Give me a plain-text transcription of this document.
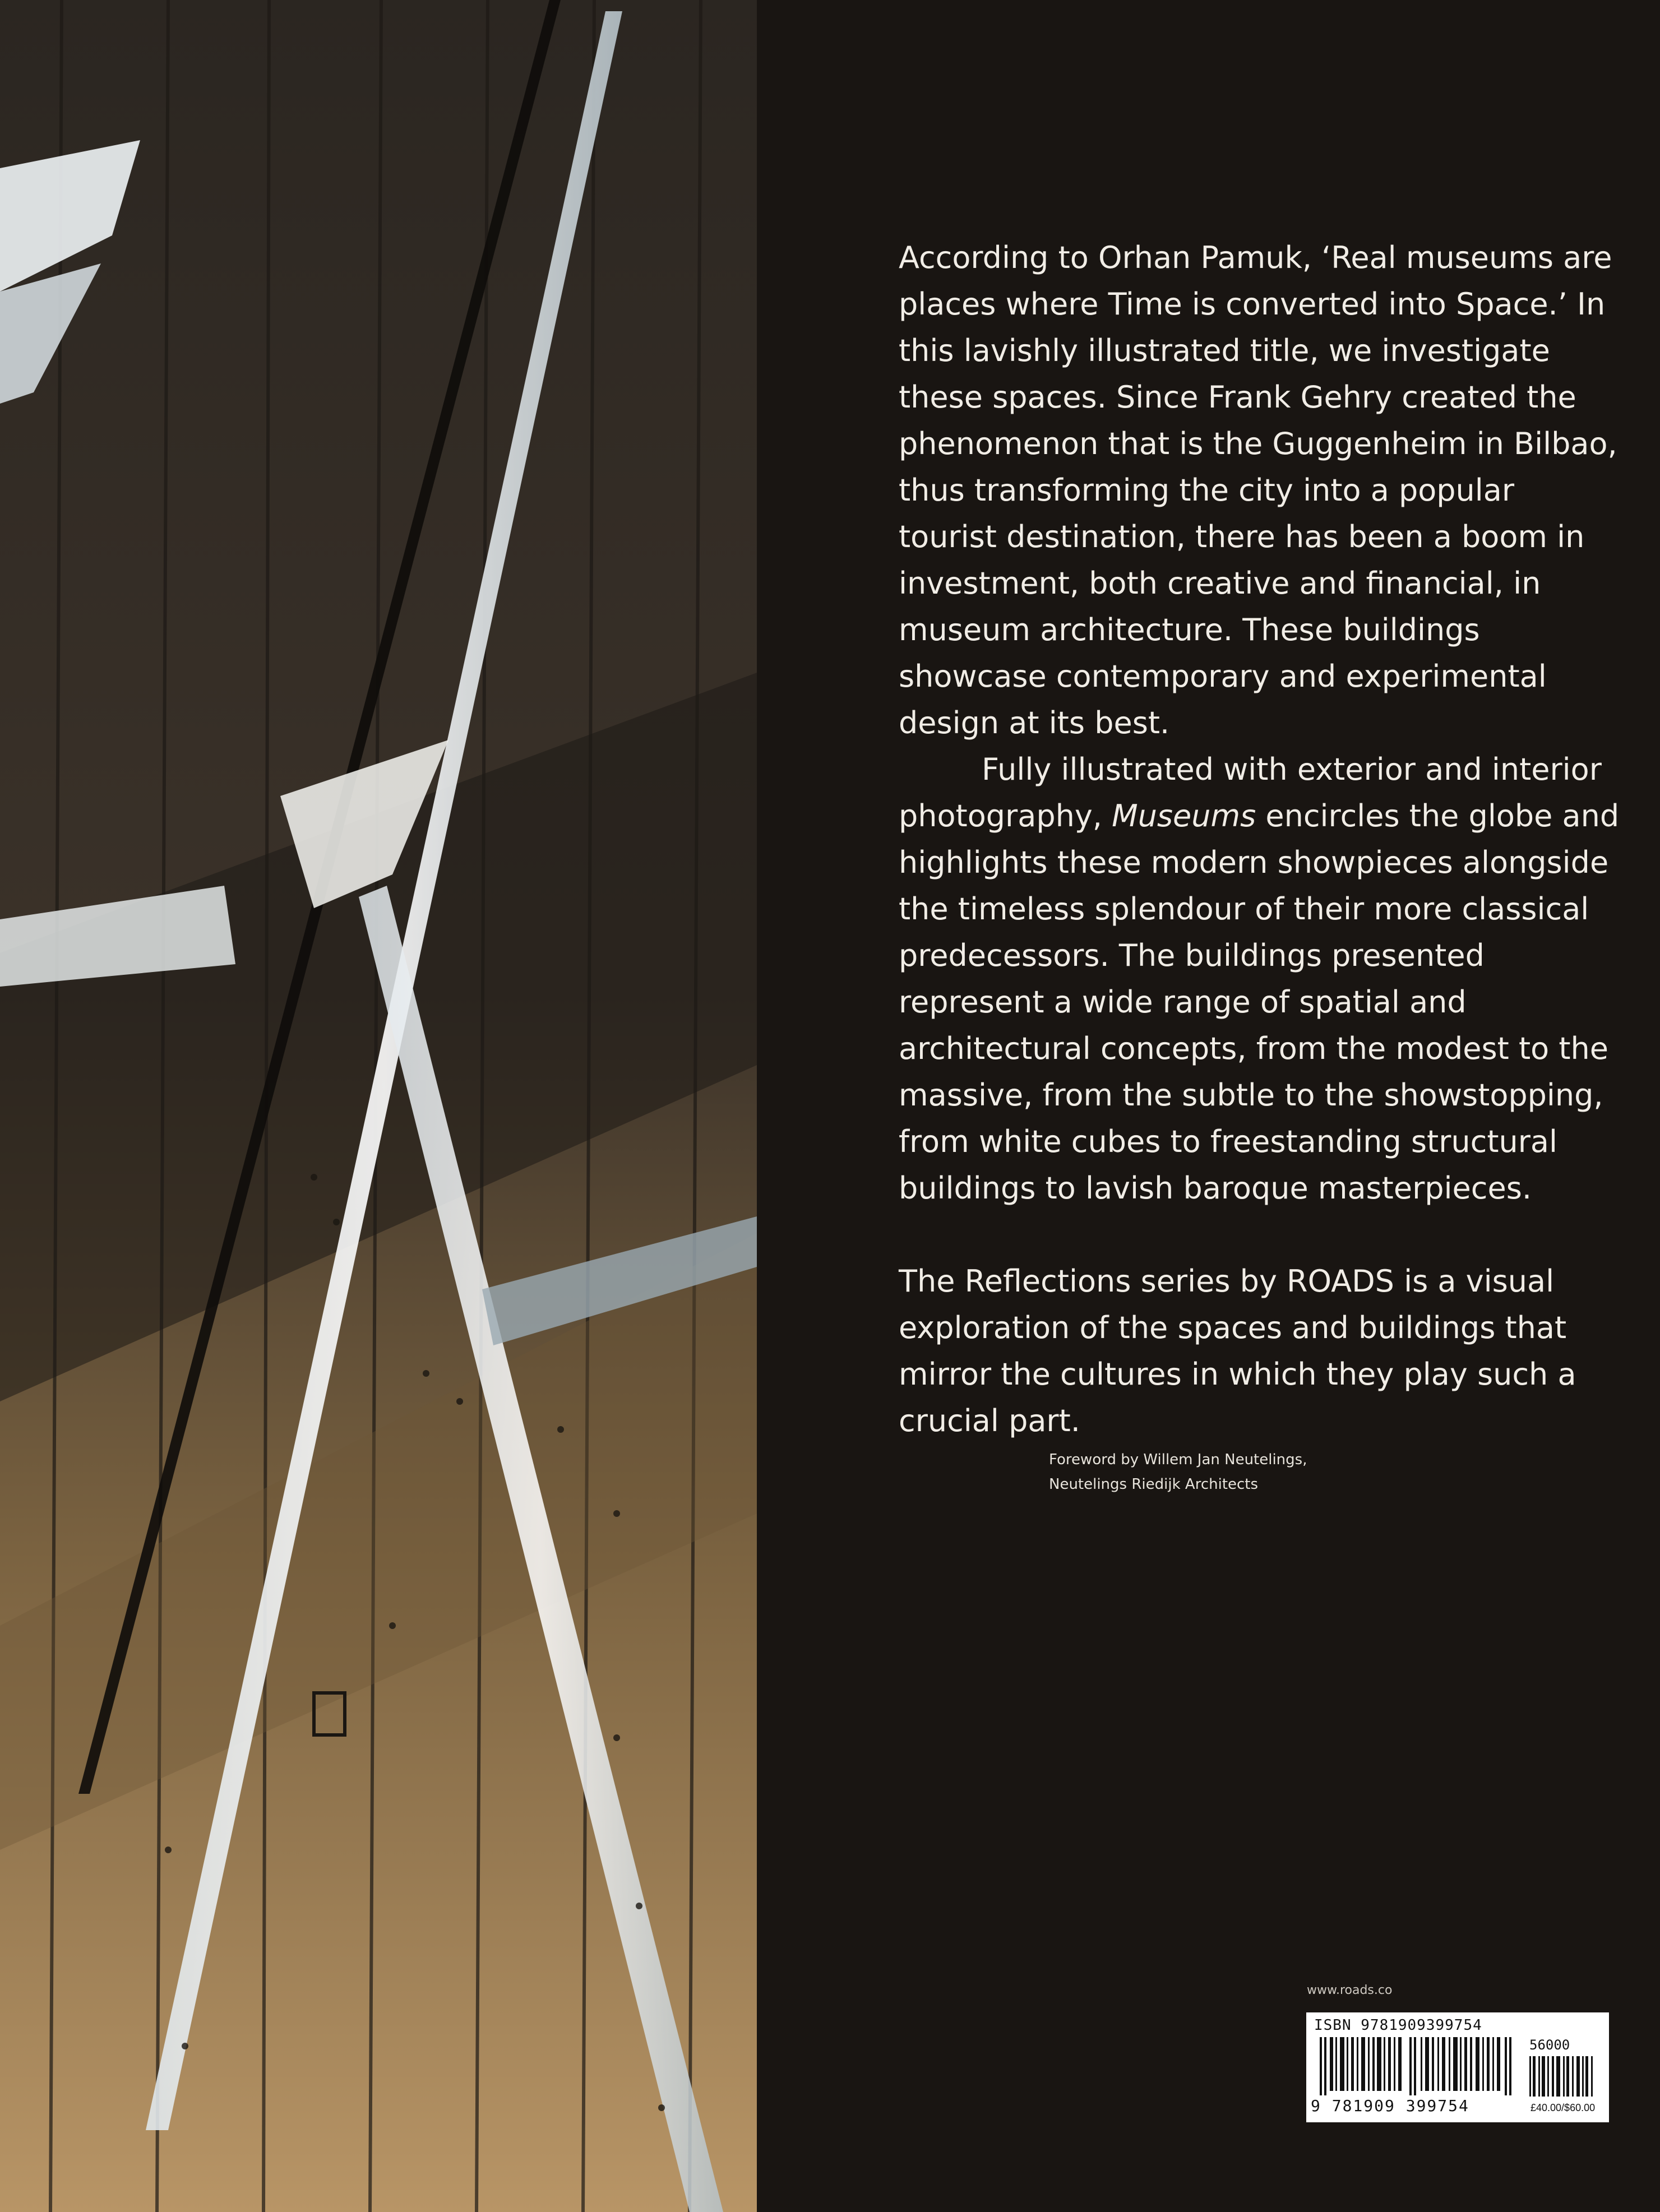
According to Orhan Pamuk, ‘Real museums are places where Time is converted into Space.’ In this lavishly illustrated title, we investigate these spaces. Since Frank Gehry created the phenomenon that is the Guggenheim in Bilbao, thus transforming the city into a popular tourist destination, there has been a boom in investment, both creative and financial, in museum architecture. These buildings showcase contemporary and experimental design at its best.

Fully illustrated with exterior and interior photography, Museums encircles the globe and highlights these modern showpieces alongside the timeless splendour of their more classical predecessors. The buildings presented represent a wide range of spatial and architectural concepts, from the modest to the massive, from the subtle to the showstopping, from white cubes to freestanding structural buildings to lavish baroque masterpieces.

The Reflections series by ROADS is a visual exploration of the spaces and buildings that mirror the cultures in which they play such a crucial part.

Foreword by Willem Jan Neutelings,
Neutelings Riedijk Architects
www.roads.co
ISBN 9781909399754
56000
9 781909 399754	£40.00/$60.00
